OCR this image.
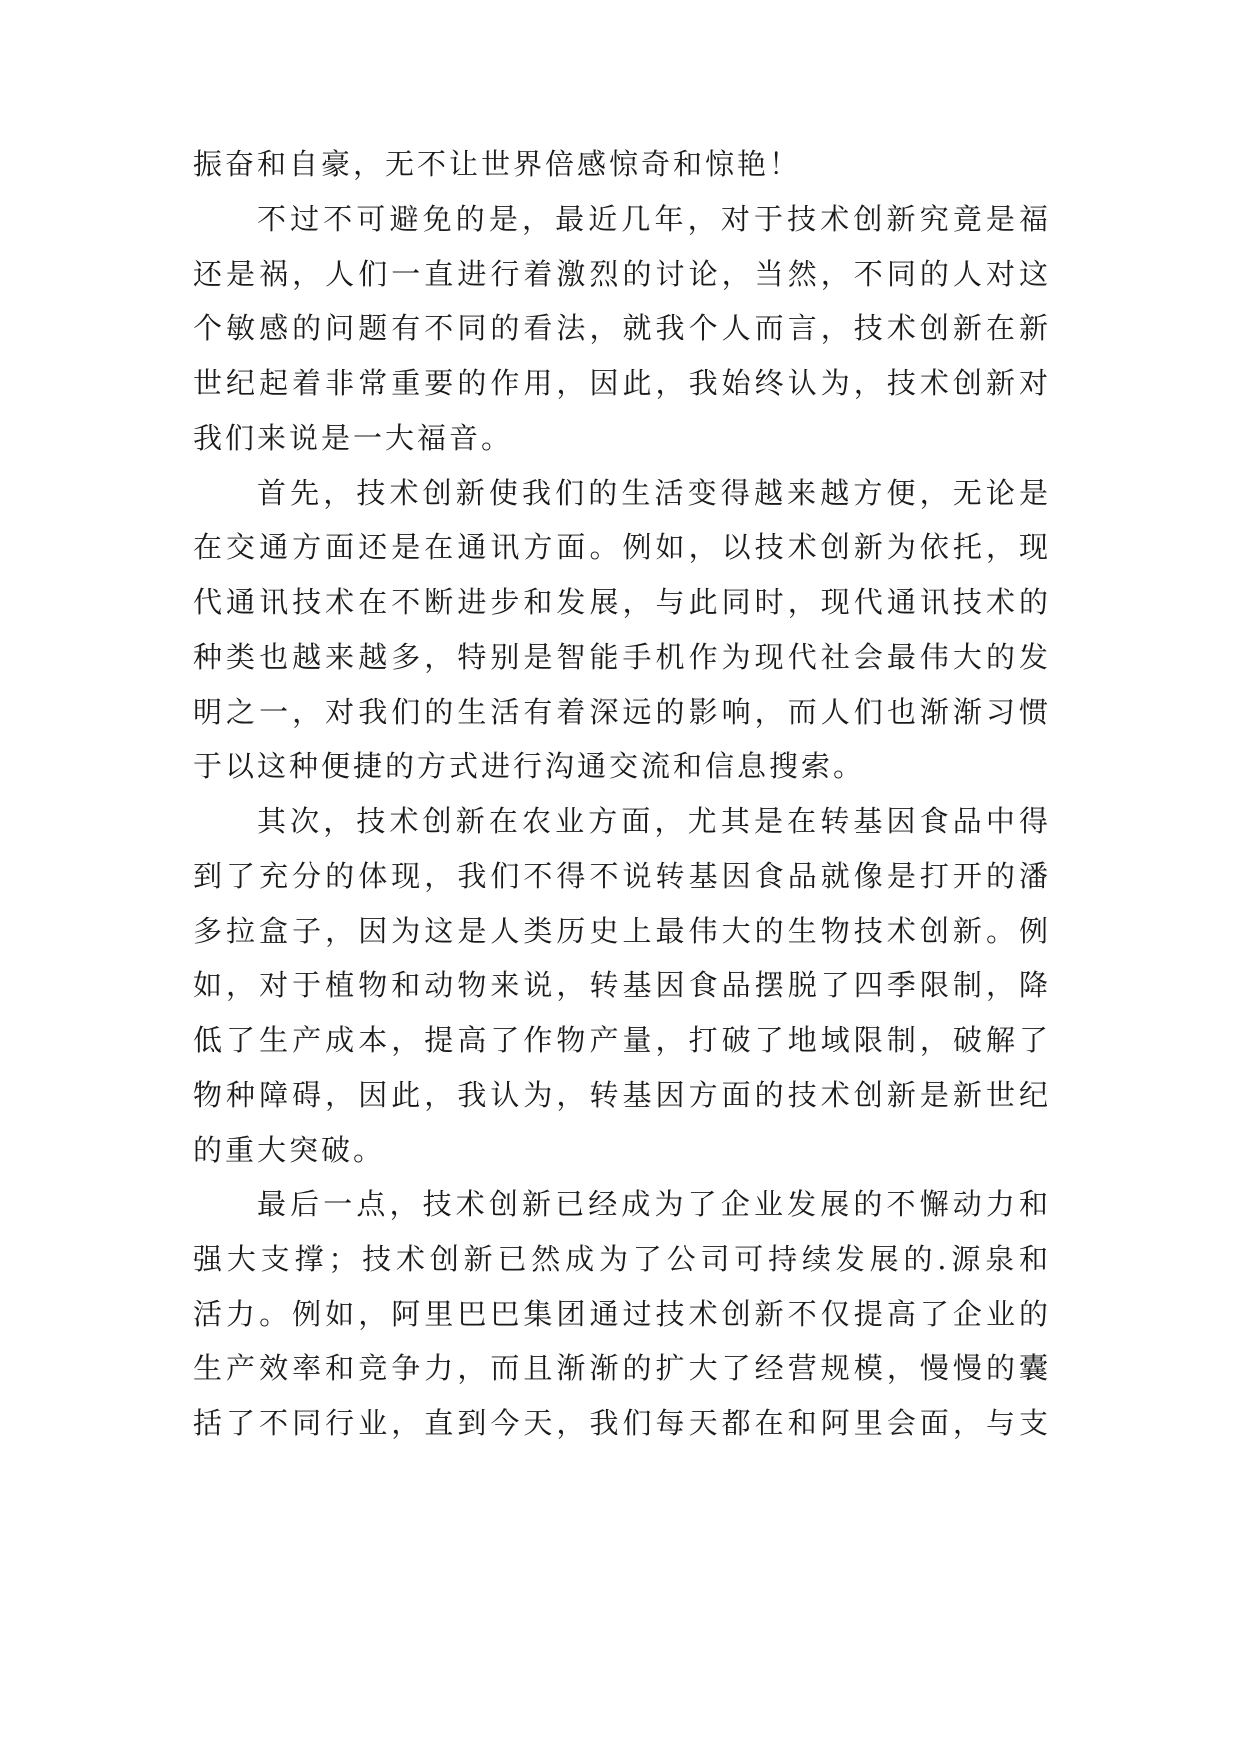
振奋和自豪，无不让世界倍感惊奇和惊艳！
不过不可避免的是，最近几年，对于技术创新究竟是福
还是祸，人们一直进行着激烈的讨论，当然，不同的人对这
个敏感的问题有不同的看法，就我个人而言，技术创新在新
世纪起着非常重要的作用，因此，我始终认为，技术创新对
我们来说是一大福音。
首先，技术创新使我们的生活变得越来越方便，无论是
在交通方面还是在通讯方面。例如，以技术创新为依托，现
代通讯技术在不断进步和发展，与此同时，现代通讯技术的
种类也越来越多，特别是智能手机作为现代社会最伟大的发
明之一，对我们的生活有着深远的影响，而人们也渐渐习惯
于以这种便捷的方式进行沟通交流和信息搜索。
其次，技术创新在农业方面，尤其是在转基因食品中得
到了充分的体现，我们不得不说转基因食品就像是打开的潘
多拉盒子，因为这是人类历史上最伟大的生物技术创新。例
如，对于植物和动物来说，转基因食品摆脱了四季限制，降
低了生产成本，提高了作物产量，打破了地域限制，破解了
物种障碍，因此，我认为，转基因方面的技术创新是新世纪
的重大突破。
最后一点，技术创新已经成为了企业发展的不懈动力和
强大支撑；技术创新已然成为了公司可持续发展的.源泉和
活力。例如，阿里巴巴集团通过技术创新不仅提高了企业的
生产效率和竞争力，而且渐渐的扩大了经营规模，慢慢的囊
括了不同行业，直到今天，我们每天都在和阿里会面，与支
